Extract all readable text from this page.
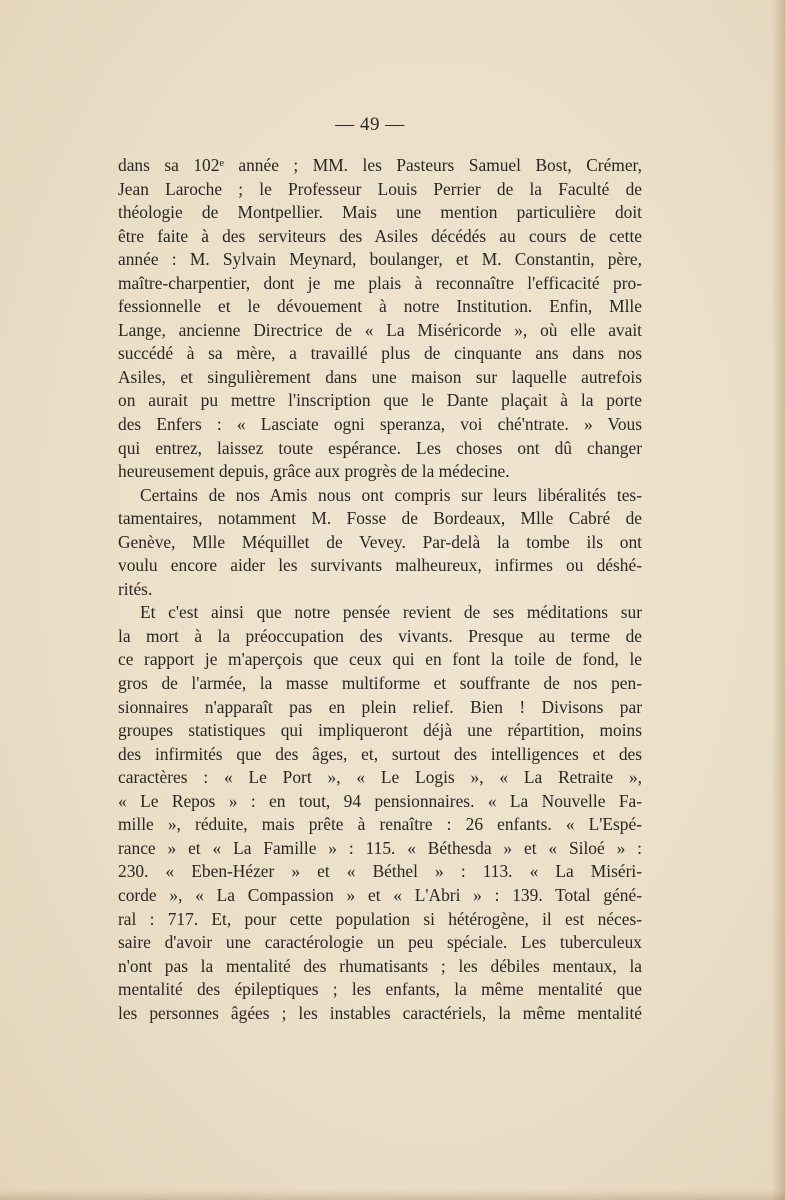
— 49 —

dans sa 102ᵉ année ; MM. les Pasteurs Samuel Bost, Crémer,
Jean Laroche ; le Professeur Louis Perrier de la Faculté de
théologie de Montpellier. Mais une mention particulière doit
être faite à des serviteurs des Asiles décédés au cours de cette
année : M. Sylvain Meynard, boulanger, et M. Constantin, père,
maître-charpentier, dont je me plais à reconnaître l'efficacité pro-
fessionnelle et le dévouement à notre Institution. Enfin, Mlle
Lange, ancienne Directrice de « La Miséricorde », où elle avait
succédé à sa mère, a travaillé plus de cinquante ans dans nos
Asiles, et singulièrement dans une maison sur laquelle autrefois
on aurait pu mettre l'inscription que le Dante plaçait à la porte
des Enfers : « Lasciate ogni speranza, voi ché'ntrate. » Vous
qui entrez, laissez toute espérance. Les choses ont dû changer
heureusement depuis, grâce aux progrès de la médecine.

Certains de nos Amis nous ont compris sur leurs libéralités tes-
tamentaires, notamment M. Fosse de Bordeaux, Mlle Cabré de
Genève, Mlle Méquillet de Vevey. Par-delà la tombe ils ont
voulu encore aider les survivants malheureux, infirmes ou déshé-
rités.

Et c'est ainsi que notre pensée revient de ses méditations sur
la mort à la préoccupation des vivants. Presque au terme de
ce rapport je m'aperçois que ceux qui en font la toile de fond, le
gros de l'armée, la masse multiforme et souffrante de nos pen-
sionnaires n'apparaît pas en plein relief. Bien ! Divisons par
groupes statistiques qui impliqueront déjà une répartition, moins
des infirmités que des âges, et, surtout des intelligences et des
caractères : « Le Port », « Le Logis », « La Retraite »,
« Le Repos » : en tout, 94 pensionnaires. « La Nouvelle Fa-
mille », réduite, mais prête à renaître : 26 enfants. « L'Espé-
rance » et « La Famille » : 115. « Béthesda » et « Siloé » :
230. « Eben-Hézer » et « Béthel » : 113. « La Miséri-
corde », « La Compassion » et « L'Abri » : 139. Total géné-
ral : 717. Et, pour cette population si hétérogène, il est néces-
saire d'avoir une caractérologie un peu spéciale. Les tuberculeux
n'ont pas la mentalité des rhumatisants ; les débiles mentaux, la
mentalité des épileptiques ; les enfants, la même mentalité que
les personnes âgées ; les instables caractériels, la même mentalité
